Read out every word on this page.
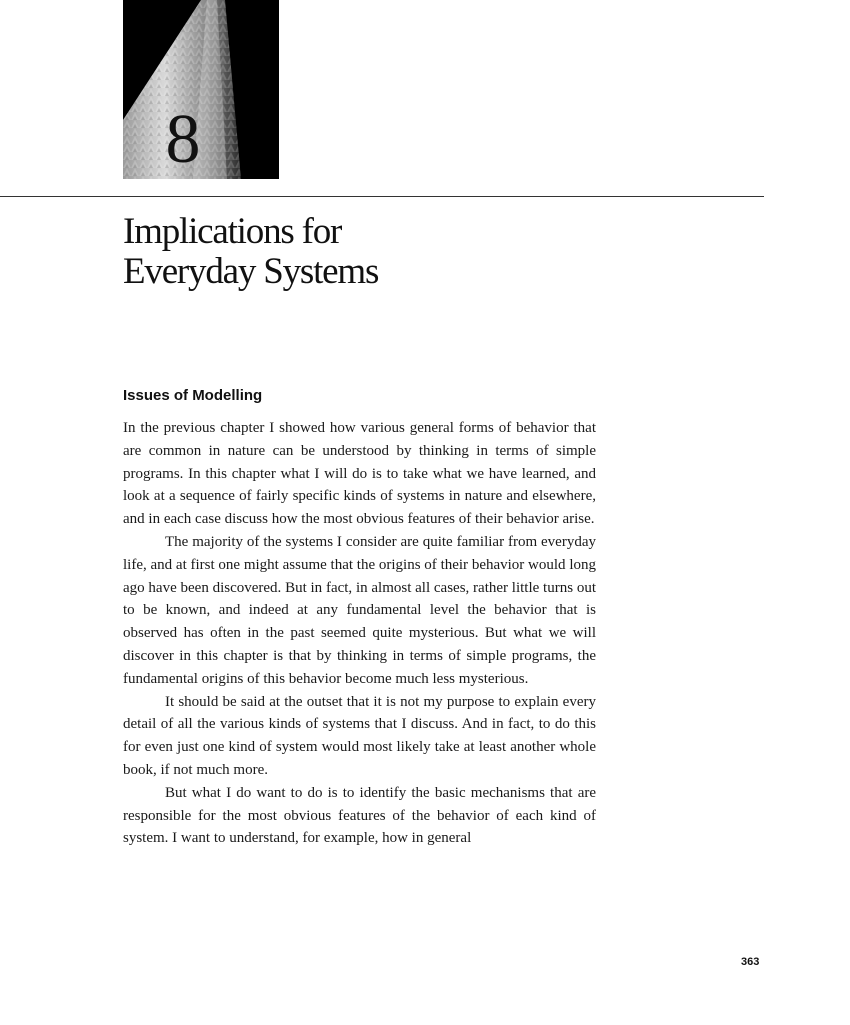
8
Implications for
Everyday Systems
Issues of Modelling

In the previous chapter I showed how various general forms of behavior that are common in nature can be understood by thinking in terms of simple programs. In this chapter what I will do is to take what we have learned, and look at a sequence of fairly specific kinds of systems in nature and elsewhere, and in each case discuss how the most obvious features of their behavior arise.

The majority of the systems I consider are quite familiar from everyday life, and at first one might assume that the origins of their behavior would long ago have been discovered. But in fact, in almost all cases, rather little turns out to be known, and indeed at any fundamental level the behavior that is observed has often in the past seemed quite mysterious. But what we will discover in this chapter is that by thinking in terms of simple programs, the fundamental origins of this behavior become much less mysterious.

It should be said at the outset that it is not my purpose to explain every detail of all the various kinds of systems that I discuss. And in fact, to do this for even just one kind of system would most likely take at least another whole book, if not much more.

But what I do want to do is to identify the basic mechanisms that are responsible for the most obvious features of the behavior of each kind of system. I want to understand, for example, how in general

363
